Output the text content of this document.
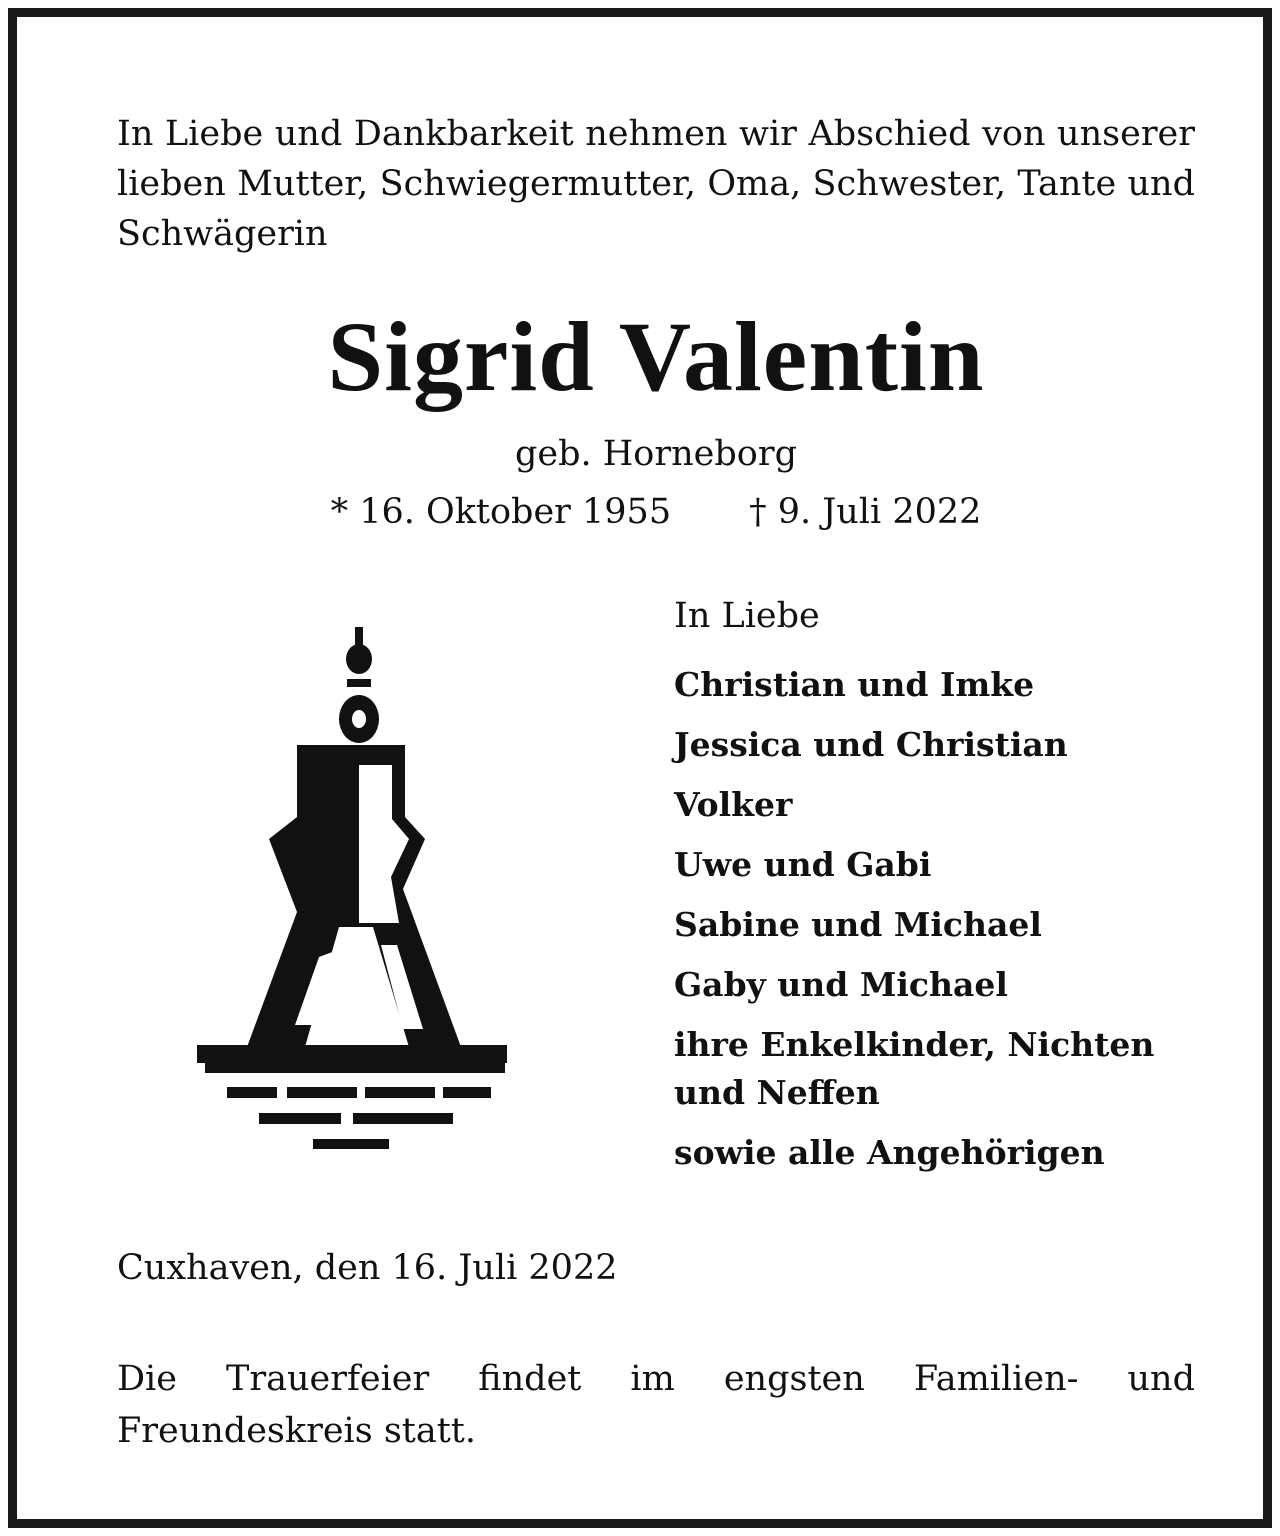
In Liebe und Dankbarkeit nehmen wir Abschied von unserer lieben Mutter, Schwiegermutter, Oma, Schwester, Tante und Schwägerin

Sigrid Valentin

geb. Horneborg

* 16. Oktober 1955 † 9. Juli 2022

In Liebe
Christian und Imke
Jessica und Christian
Volker
Uwe und Gabi
Sabine und Michael
Gaby und Michael
ihre Enkelkinder, Nichten und Neffen
sowie alle Angehörigen

Cuxhaven, den 16. Juli 2022

Die Trauerfeier findet im engsten Familien- und Freundeskreis statt.
